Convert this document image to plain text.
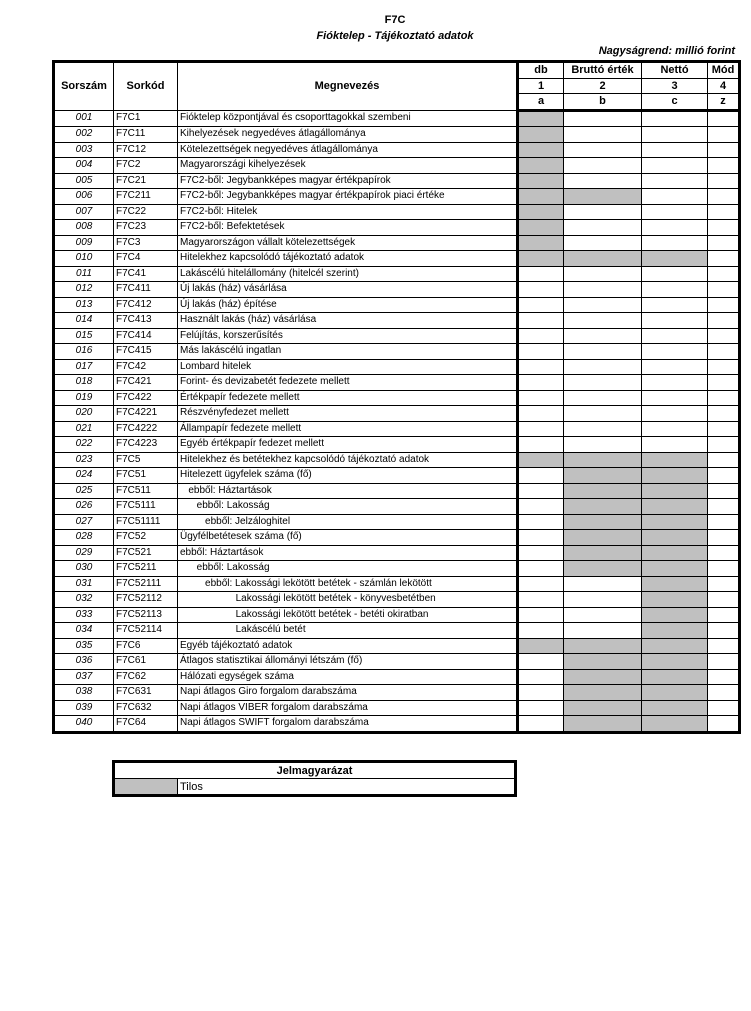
F7C
Fióktelep - Tájékoztató adatok
Nagyságrend: millió forint
Sorszám	Sorkód	Megnevezés	db	Bruttó érték	Nettó	Mód
			1	2	3	4
			a	b	c	z
001	F7C1	Fióktelep központjával és csoporttagokkal szembeni				
002	F7C11	Kihelyezések negyedéves átlagállománya				
003	F7C12	Kötelezettségek negyedéves átlagállománya				
004	F7C2	Magyarországi kihelyezések				
005	F7C21	F7C2-ből: Jegybankképes magyar értékpapírok				
006	F7C211	F7C2-ből: Jegybankképes magyar értékpapírok piaci értéke				
007	F7C22	F7C2-ből: Hitelek				
008	F7C23	F7C2-ből: Befektetések				
009	F7C3	Magyarországon vállalt kötelezettségek				
010	F7C4	Hitelekhez kapcsolódó tájékoztató adatok				
011	F7C41	Lakáscélú hitelállomány (hitelcél szerint)				
012	F7C411	Új lakás (ház) vásárlása				
013	F7C412	Új lakás (ház) építése				
014	F7C413	Használt lakás (ház) vásárlása				
015	F7C414	Felújítás, korszerűsítés				
016	F7C415	Más lakáscélú ingatlan				
017	F7C42	Lombard hitelek				
018	F7C421	Forint- és devizabetét fedezete mellett				
019	F7C422	Értékpapír fedezete mellett				
020	F7C4221	Részvényfedezet mellett				
021	F7C4222	Állampapír fedezete mellett				
022	F7C4223	Egyéb értékpapír fedezet mellett				
023	F7C5	Hitelekhez és betétekhez kapcsolódó tájékoztató adatok				
024	F7C51	Hitelezett ügyfelek száma (fő)				
025	F7C511	ebből: Háztartások				
026	F7C5111	ebből: Lakosság				
027	F7C51111	ebből: Jelzáloghitel				
028	F7C52	Ügyfélbetétesek száma (fő)				
029	F7C521	ebből: Háztartások				
030	F7C5211	ebből: Lakosság				
031	F7C52111	ebből: Lakossági lekötött betétek - számlán lekötött				
032	F7C52112	Lakossági lekötött betétek - könyvesbetétben				
033	F7C52113	Lakossági lekötött betétek - betéti okiratban				
034	F7C52114	Lakáscélú betét				
035	F7C6	Egyéb tájékoztató adatok				
036	F7C61	Átlagos statisztikai állományi létszám (fő)				
037	F7C62	Hálózati egységek száma				
038	F7C631	Napi átlagos Giro forgalom darabszáma				
039	F7C632	Napi átlagos VIBER forgalom darabszáma				
040	F7C64	Napi átlagos SWIFT forgalom darabszáma				
Jelmagyarázat
	Tilos
